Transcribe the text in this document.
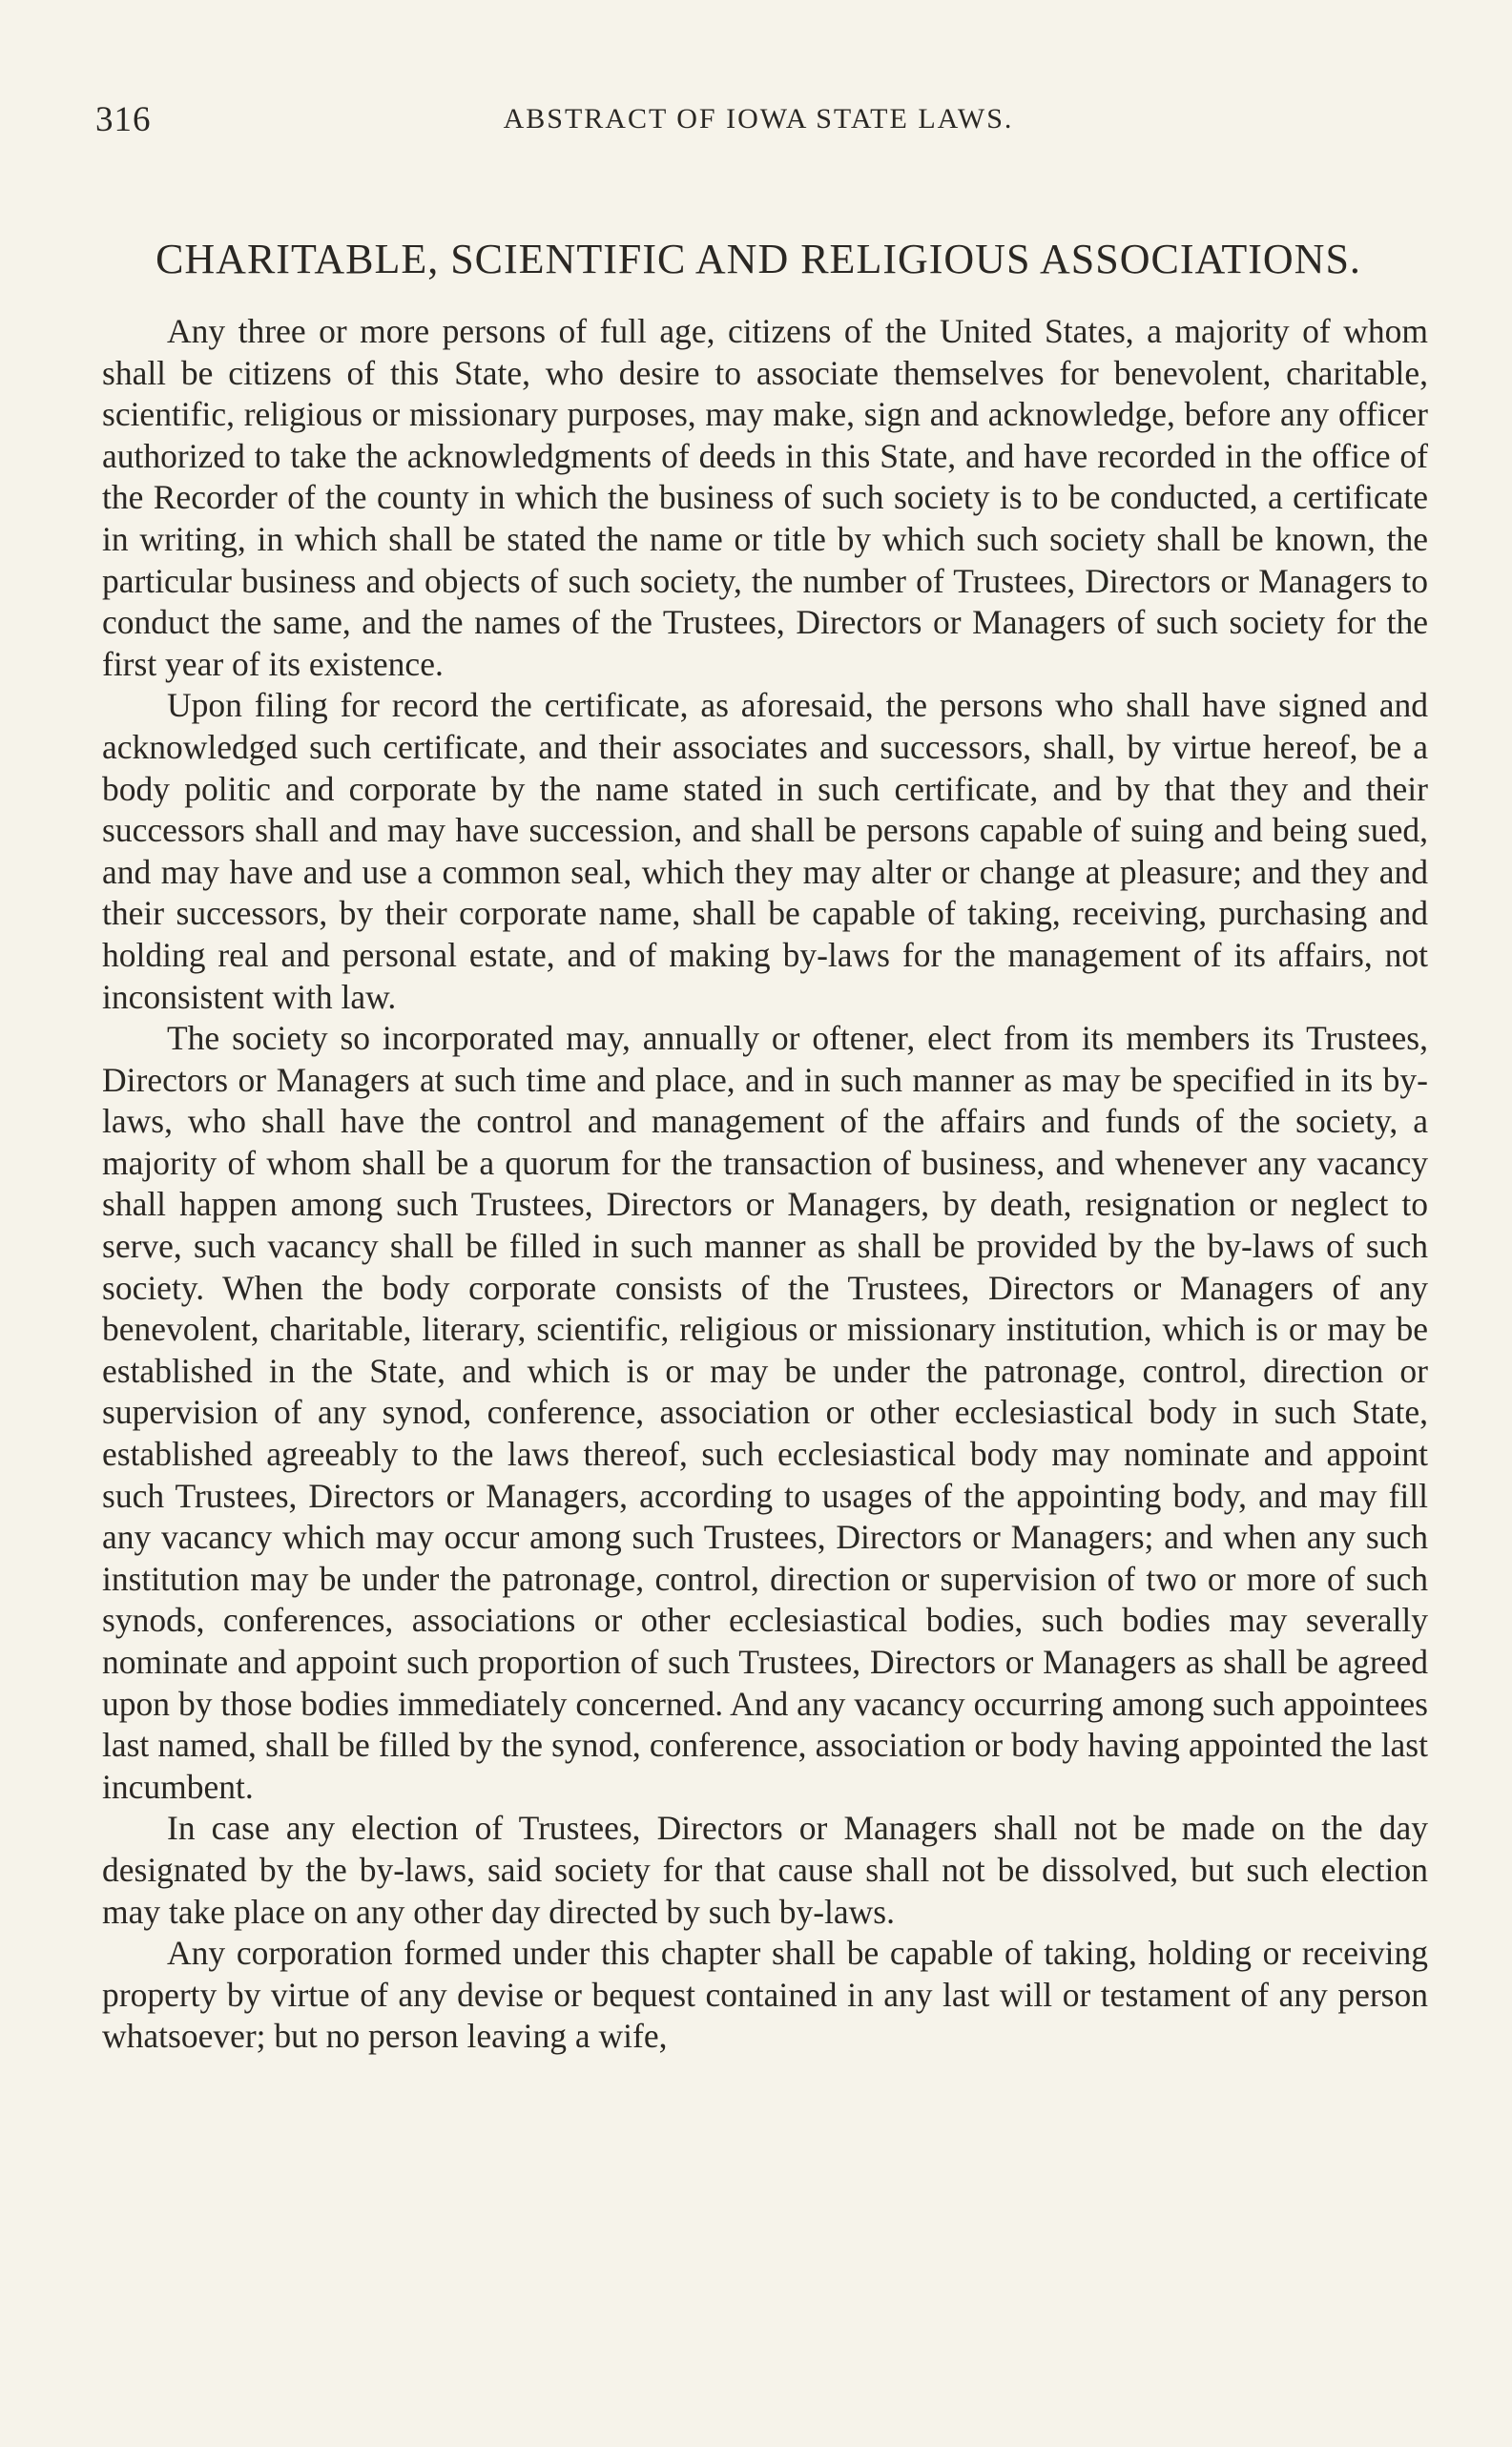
316	ABSTRACT OF IOWA STATE LAWS.
CHARITABLE, SCIENTIFIC AND RELIGIOUS ASSOCIATIONS.

Any three or more persons of full age, citizens of the United States, a majority of whom shall be citizens of this State, who desire to associate themselves for benevolent, charitable, scientific, religious or missionary purposes, may make, sign and acknowledge, before any officer authorized to take the acknowledgments of deeds in this State, and have recorded in the office of the Recorder of the county in which the business of such society is to be conducted, a certificate in writing, in which shall be stated the name or title by which such society shall be known, the particular business and objects of such society, the number of Trustees, Directors or Managers to conduct the same, and the names of the Trustees, Directors or Managers of such society for the first year of its existence.

Upon filing for record the certificate, as aforesaid, the persons who shall have signed and acknowledged such certificate, and their associates and successors, shall, by virtue hereof, be a body politic and corporate by the name stated in such certificate, and by that they and their successors shall and may have succession, and shall be persons capable of suing and being sued, and may have and use a common seal, which they may alter or change at pleasure; and they and their successors, by their corporate name, shall be capable of taking, receiving, purchasing and holding real and personal estate, and of making by-laws for the management of its affairs, not inconsistent with law.

The society so incorporated may, annually or oftener, elect from its members its Trustees, Directors or Managers at such time and place, and in such manner as may be specified in its by-laws, who shall have the control and management of the affairs and funds of the society, a majority of whom shall be a quorum for the transaction of business, and whenever any vacancy shall happen among such Trustees, Directors or Managers, by death, resignation or neglect to serve, such vacancy shall be filled in such manner as shall be provided by the by-laws of such society. When the body corporate consists of the Trustees, Directors or Managers of any benevolent, charitable, literary, scientific, religious or missionary institution, which is or may be established in the State, and which is or may be under the patronage, control, direction or supervision of any synod, conference, association or other ecclesiastical body in such State, established agreeably to the laws thereof, such ecclesiastical body may nominate and appoint such Trustees, Directors or Managers, according to usages of the appointing body, and may fill any vacancy which may occur among such Trustees, Directors or Managers; and when any such institution may be under the patronage, control, direction or supervision of two or more of such synods, conferences, associations or other ecclesiastical bodies, such bodies may severally nominate and appoint such proportion of such Trustees, Directors or Managers as shall be agreed upon by those bodies immediately concerned. And any vacancy occurring among such appointees last named, shall be filled by the synod, conference, association or body having appointed the last incumbent.

In case any election of Trustees, Directors or Managers shall not be made on the day designated by the by-laws, said society for that cause shall not be dissolved, but such election may take place on any other day directed by such by-laws.

Any corporation formed under this chapter shall be capable of taking, holding or receiving property by virtue of any devise or bequest contained in any last will or testament of any person whatsoever; but no person leaving a wife,
